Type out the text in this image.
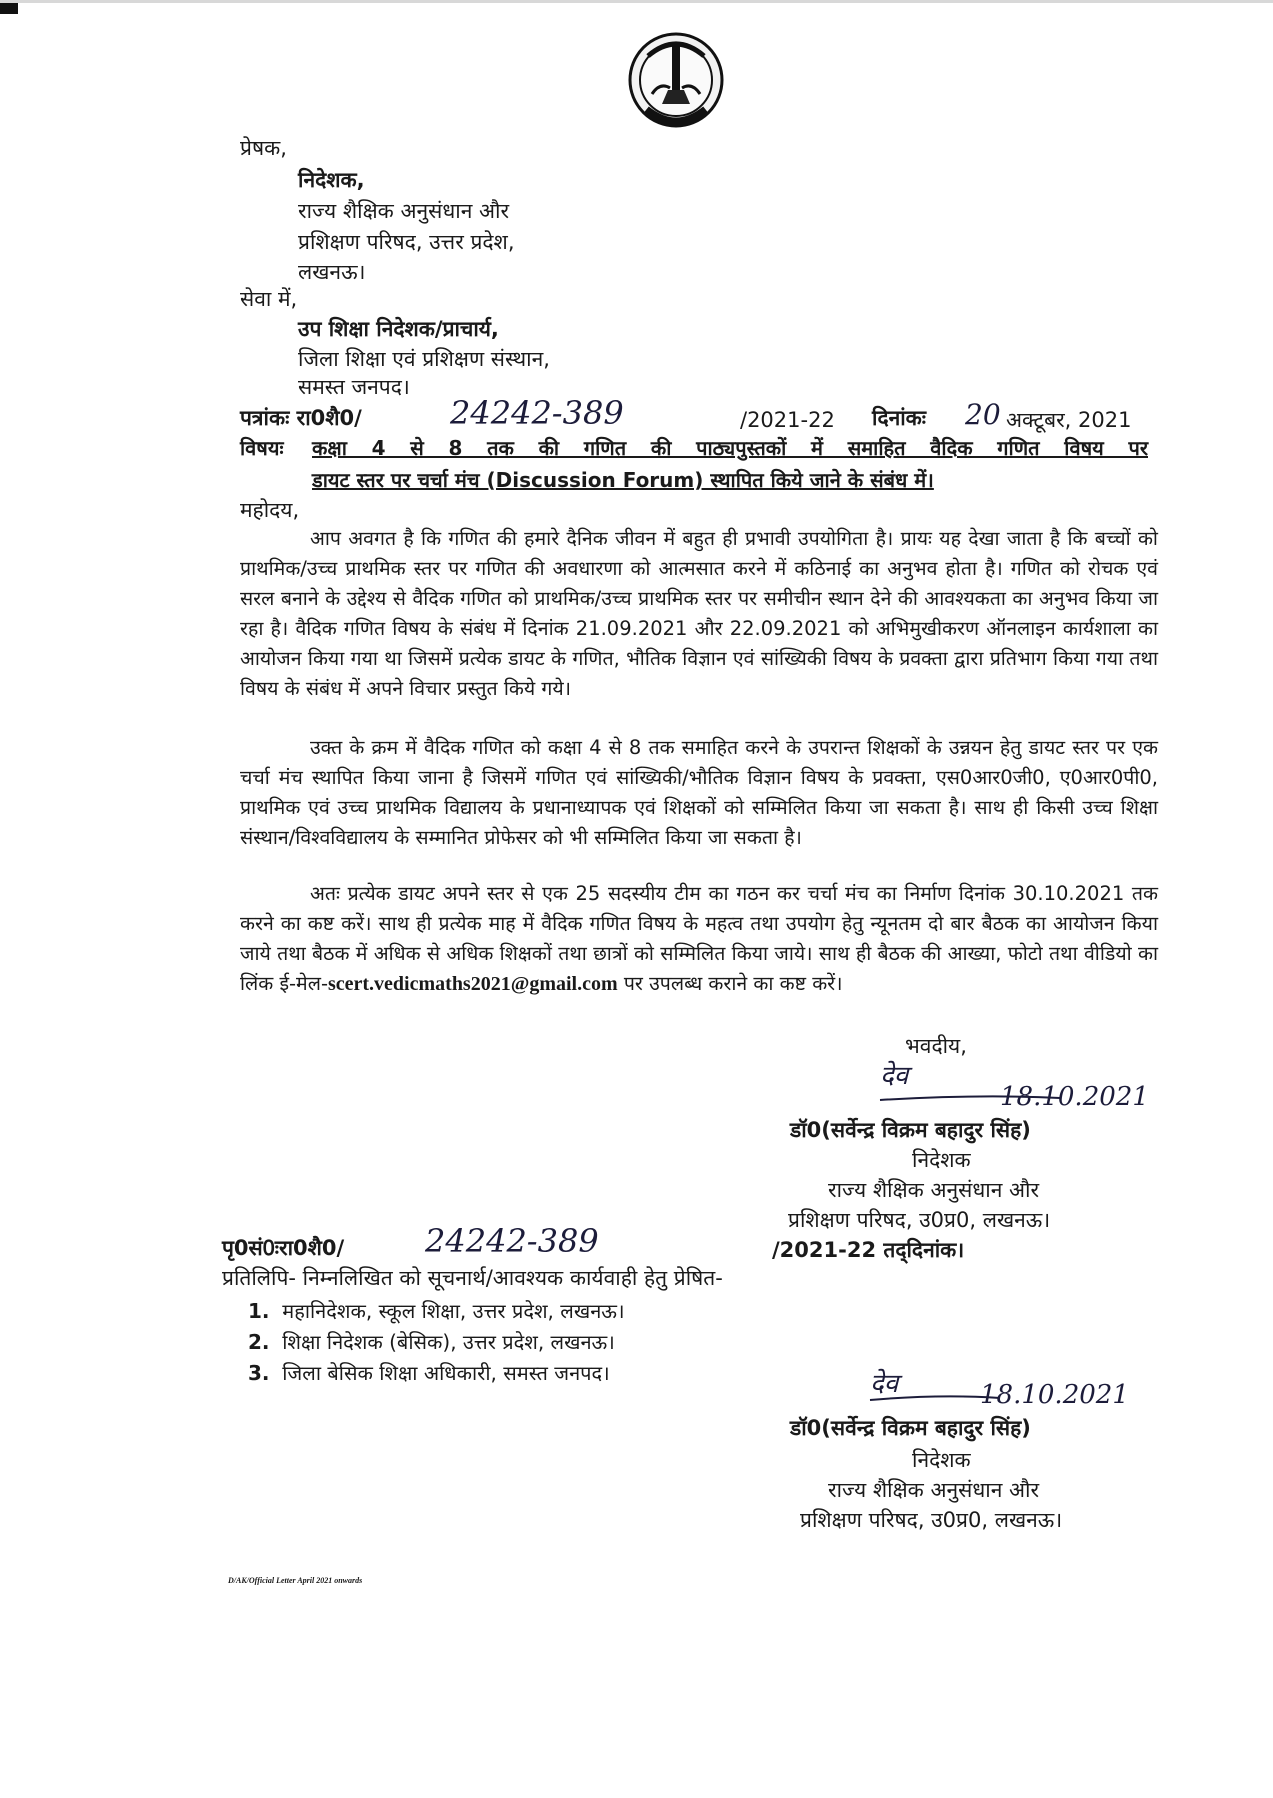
प्रेषक,
निदेशक,
राज्य शैक्षिक अनुसंधान और
प्रशिक्षण परिषद, उत्तर प्रदेश,
लखनऊ।
सेवा में,
उप शिक्षा निदेशक/प्राचार्य,
जिला शिक्षा एवं प्रशिक्षण संस्थान,
समस्त जनपद।
पत्रांकः रा0शै0/	24242-389	/2021-22 दिनांकः 20 अक्टूबर, 2021
विषयः कक्षा 4 से 8 तक की गणित की पाठ्यपुस्तकों में समाहित वैदिक गणित विषय पर
डायट स्तर पर चर्चा मंच (Discussion Forum) स्थापित किये जाने के संबंध में।
महोदय,
आप अवगत है कि गणित की हमारे दैनिक जीवन में बहुत ही प्रभावी उपयोगिता है। प्रायः यह देखा जाता है कि बच्चों को प्राथमिक/उच्च प्राथमिक स्तर पर गणित की अवधारणा को आत्मसात करने में कठिनाई का अनुभव होता है। गणित को रोचक एवं सरल बनाने के उद्देश्य से वैदिक गणित को प्राथमिक/उच्च प्राथमिक स्तर पर समीचीन स्थान देने की आवश्यकता का अनुभव किया जा रहा है। वैदिक गणित विषय के संबंध में दिनांक 21.09.2021 और 22.09.2021 को अभिमुखीकरण ऑनलाइन कार्यशाला का आयोजन किया गया था जिसमें प्रत्येक डायट के गणित, भौतिक विज्ञान एवं सांख्यिकी विषय के प्रवक्ता द्वारा प्रतिभाग किया गया तथा विषय के संबंध में अपने विचार प्रस्तुत किये गये।
उक्त के क्रम में वैदिक गणित को कक्षा 4 से 8 तक समाहित करने के उपरान्त शिक्षकों के उन्नयन हेतु डायट स्तर पर एक चर्चा मंच स्थापित किया जाना है जिसमें गणित एवं सांख्यिकी/भौतिक विज्ञान विषय के प्रवक्ता, एस0आर0जी0, ए0आर0पी0, प्राथमिक एवं उच्च प्राथमिक विद्यालय के प्रधानाध्यापक एवं शिक्षकों को सम्मिलित किया जा सकता है। साथ ही किसी उच्च शिक्षा संस्थान/विश्वविद्यालय के सम्मानित प्रोफेसर को भी सम्मिलित किया जा सकता है।
अतः प्रत्येक डायट अपने स्तर से एक 25 सदस्यीय टीम का गठन कर चर्चा मंच का निर्माण दिनांक 30.10.2021 तक करने का कष्ट करें। साथ ही प्रत्येक माह में वैदिक गणित विषय के महत्व तथा उपयोग हेतु न्यूनतम दो बार बैठक का आयोजन किया जाये तथा बैठक में अधिक से अधिक शिक्षकों तथा छात्रों को सम्मिलित किया जाये। साथ ही बैठक की आख्या, फोटो तथा वीडियो का लिंक ई-मेल-scert.vedicmaths2021@gmail.com पर उपलब्ध कराने का कष्ट करें।
भवदीय,
देव
18.10.2021
डॉ0(सर्वेन्द्र विक्रम बहादुर सिंह)
निदेशक
राज्य शैक्षिक अनुसंधान और
प्रशिक्षण परिषद, उ0प्र0, लखनऊ।
पृ0सं0ःरा0शै0/	24242-389	/2021-22 तद्‌दिनांक।
प्रतिलिपि- निम्नलिखित को सूचनार्थ/आवश्यक कार्यवाही हेतु प्रेषित-
1. महानिदेशक, स्कूल शिक्षा, उत्तर प्रदेश, लखनऊ।
2. शिक्षा निदेशक (बेसिक), उत्तर प्रदेश, लखनऊ।
3. जिला बेसिक शिक्षा अधिकारी, समस्त जनपद।	देव	18.10.2021
डॉ0(सर्वेन्द्र विक्रम बहादुर सिंह)
निदेशक
राज्य शैक्षिक अनुसंधान और
प्रशिक्षण परिषद, उ0प्र0, लखनऊ।
D/AK/Official Letter April 2021 onwards
